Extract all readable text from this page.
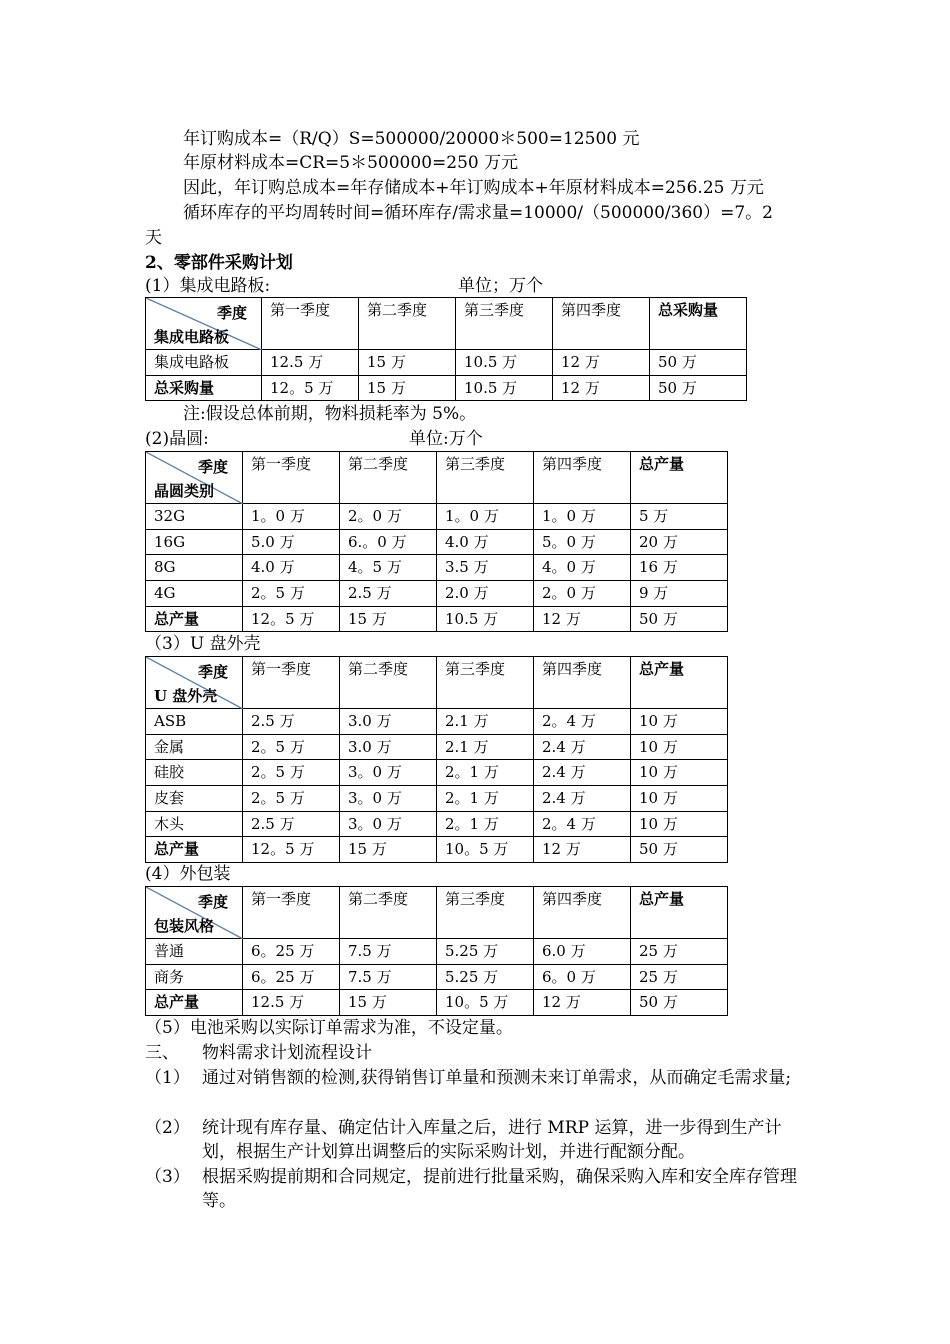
年订购成本=（R/Q）S=500000/20000＊500=12500 元
年原材料成本=CR=5＊500000=250 万元
因此，年订购总成本=年存储成本+年订购成本+年原材料成本=256.25 万元
循环库存的平均周转时间=循环库存/需求量=10000/（500000/360）=7。2
天
2、零部件采购计划
(1）集成电路板:	单位；万个
季度
集成电路板	第一季度	第二季度	第三季度	第四季度	总采购量
集成电路板	12.5 万	15 万	10.5 万	12 万	50 万
总采购量	12。5 万	15 万	10.5 万	12 万	50 万
注:假设总体前期，物料损耗率为 5%。
(2)晶圆:	单位:万个
季度
晶圆类别	第一季度	第二季度	第三季度	第四季度	总产量
32G	1。0 万	2。0 万	1。0 万	1。0 万	5 万
16G	5.0 万	6.。0 万	4.0 万	5。0 万	20 万
8G	4.0 万	4。5 万	3.5 万	4。0 万	16 万
4G	2。5 万	2.5 万	2.0 万	2。0 万	9 万
总产量	12。5 万	15 万	10.5 万	12 万	50 万
（3）U 盘外壳
季度
U 盘外壳	第一季度	第二季度	第三季度	第四季度	总产量
ASB	2.5 万	3.0 万	2.1 万	2。4 万	10 万
金属	2。5 万	3.0 万	2.1 万	2.4 万	10 万
硅胶	2。5 万	3。0 万	2。1 万	2.4 万	10 万
皮套	2。5 万	3。0 万	2。1 万	2.4 万	10 万
木头	2.5 万	3。0 万	2。1 万	2。4 万	10 万
总产量	12。5 万	15 万	10。5 万	12 万	50 万
(4）外包装
季度
包装风格	第一季度	第二季度	第三季度	第四季度	总产量
普通	6。25 万	7.5 万	5.25 万	6.0 万	25 万
商务	6。25 万	7.5 万	5.25 万	6。0 万	25 万
总产量	12.5 万	15 万	10。5 万	12 万	50 万
（5）电池采购以实际订单需求为准，不设定量。
三、 物料需求计划流程设计
（1） 通过对销售额的检测,获得销售订单量和预测未来订单需求，从而确定毛需求量;
（2） 统计现有库存量、确定估计入库量之后，进行 MRP 运算，进一步得到生产计划，根据生产计划算出调整后的实际采购计划，并进行配额分配。
（3） 根据采购提前期和合同规定，提前进行批量采购，确保采购入库和安全库存管理等。
